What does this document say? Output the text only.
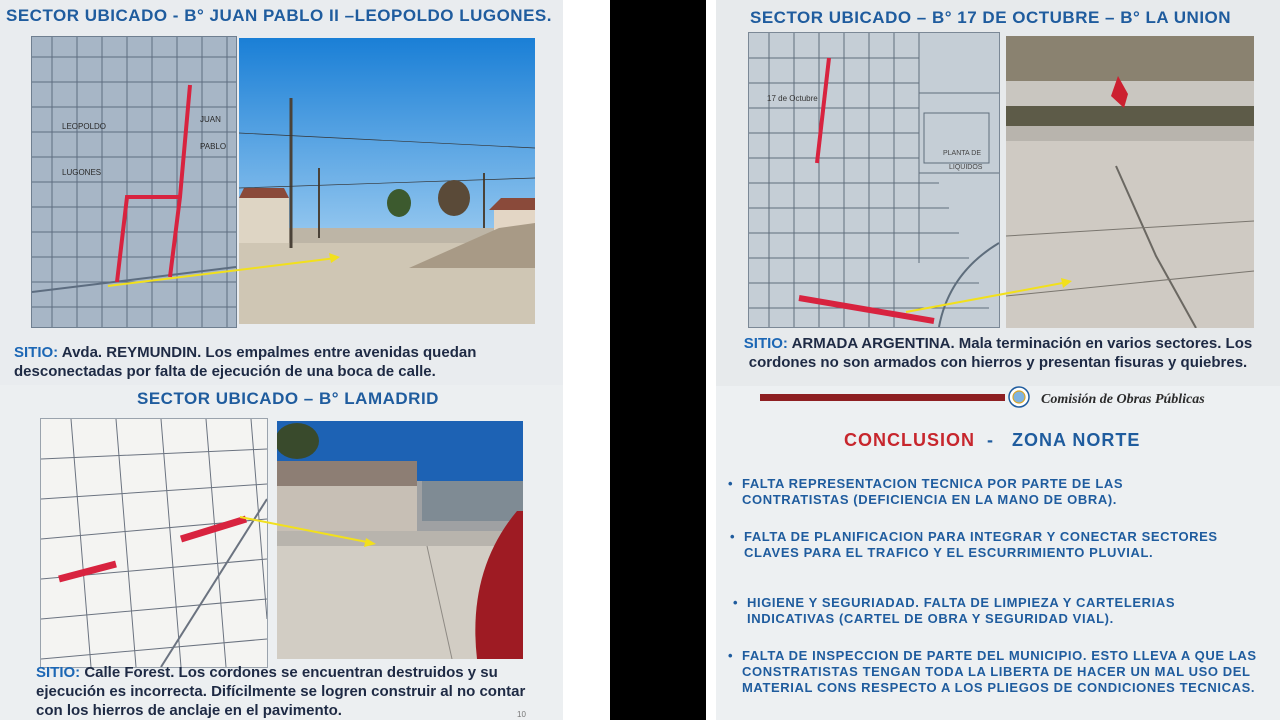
SECTOR UBICADO - B° JUAN PABLO II –LEOPOLDO LUGONES.
LEOPOLDO
LUGONES
JUAN
PABLO
SITIO: Avda. REYMUNDIN. Los empalmes entre avenidas quedan desconectadas por falta de ejecución de una boca de calle.
SECTOR UBICADO – B° LAMADRID
SITIO: Calle Forest. Los cordones se encuentran destruidos y su ejecución es incorrecta. Difícilmente se logren construir al no contar con los hierros de anclaje en el pavimento.	10
SECTOR UBICADO – B° 17 DE OCTUBRE – B° LA UNION
17 de Octubre
PLANTA DE
LIQUIDOS
SITIO: ARMADA ARGENTINA. Mala terminación en varios sectores. Los cordones no son armados con hierros y presentan fisuras y quiebres.
Comisión de Obras Públicas
CONCLUSION - ZONA NORTE
• FALTA REPRESENTACION TECNICA POR PARTE DE LAS CONTRATISTAS (DEFICIENCIA EN LA MANO DE OBRA).
• FALTA DE PLANIFICACION PARA INTEGRAR Y CONECTAR SECTORES CLAVES PARA EL TRAFICO Y EL ESCURRIMIENTO PLUVIAL.
• HIGIENE Y SEGURIADAD. FALTA DE LIMPIEZA Y CARTELERIAS INDICATIVAS (CARTEL DE OBRA Y SEGURIDAD VIAL).
• FALTA DE INSPECCION DE PARTE DEL MUNICIPIO. ESTO LLEVA A QUE LAS CONSTRATISTAS TENGAN TODA LA LIBERTA DE HACER UN MAL USO DEL MATERIAL CONS RESPECTO A LOS PLIEGOS DE CONDICIONES TECNICAS.
